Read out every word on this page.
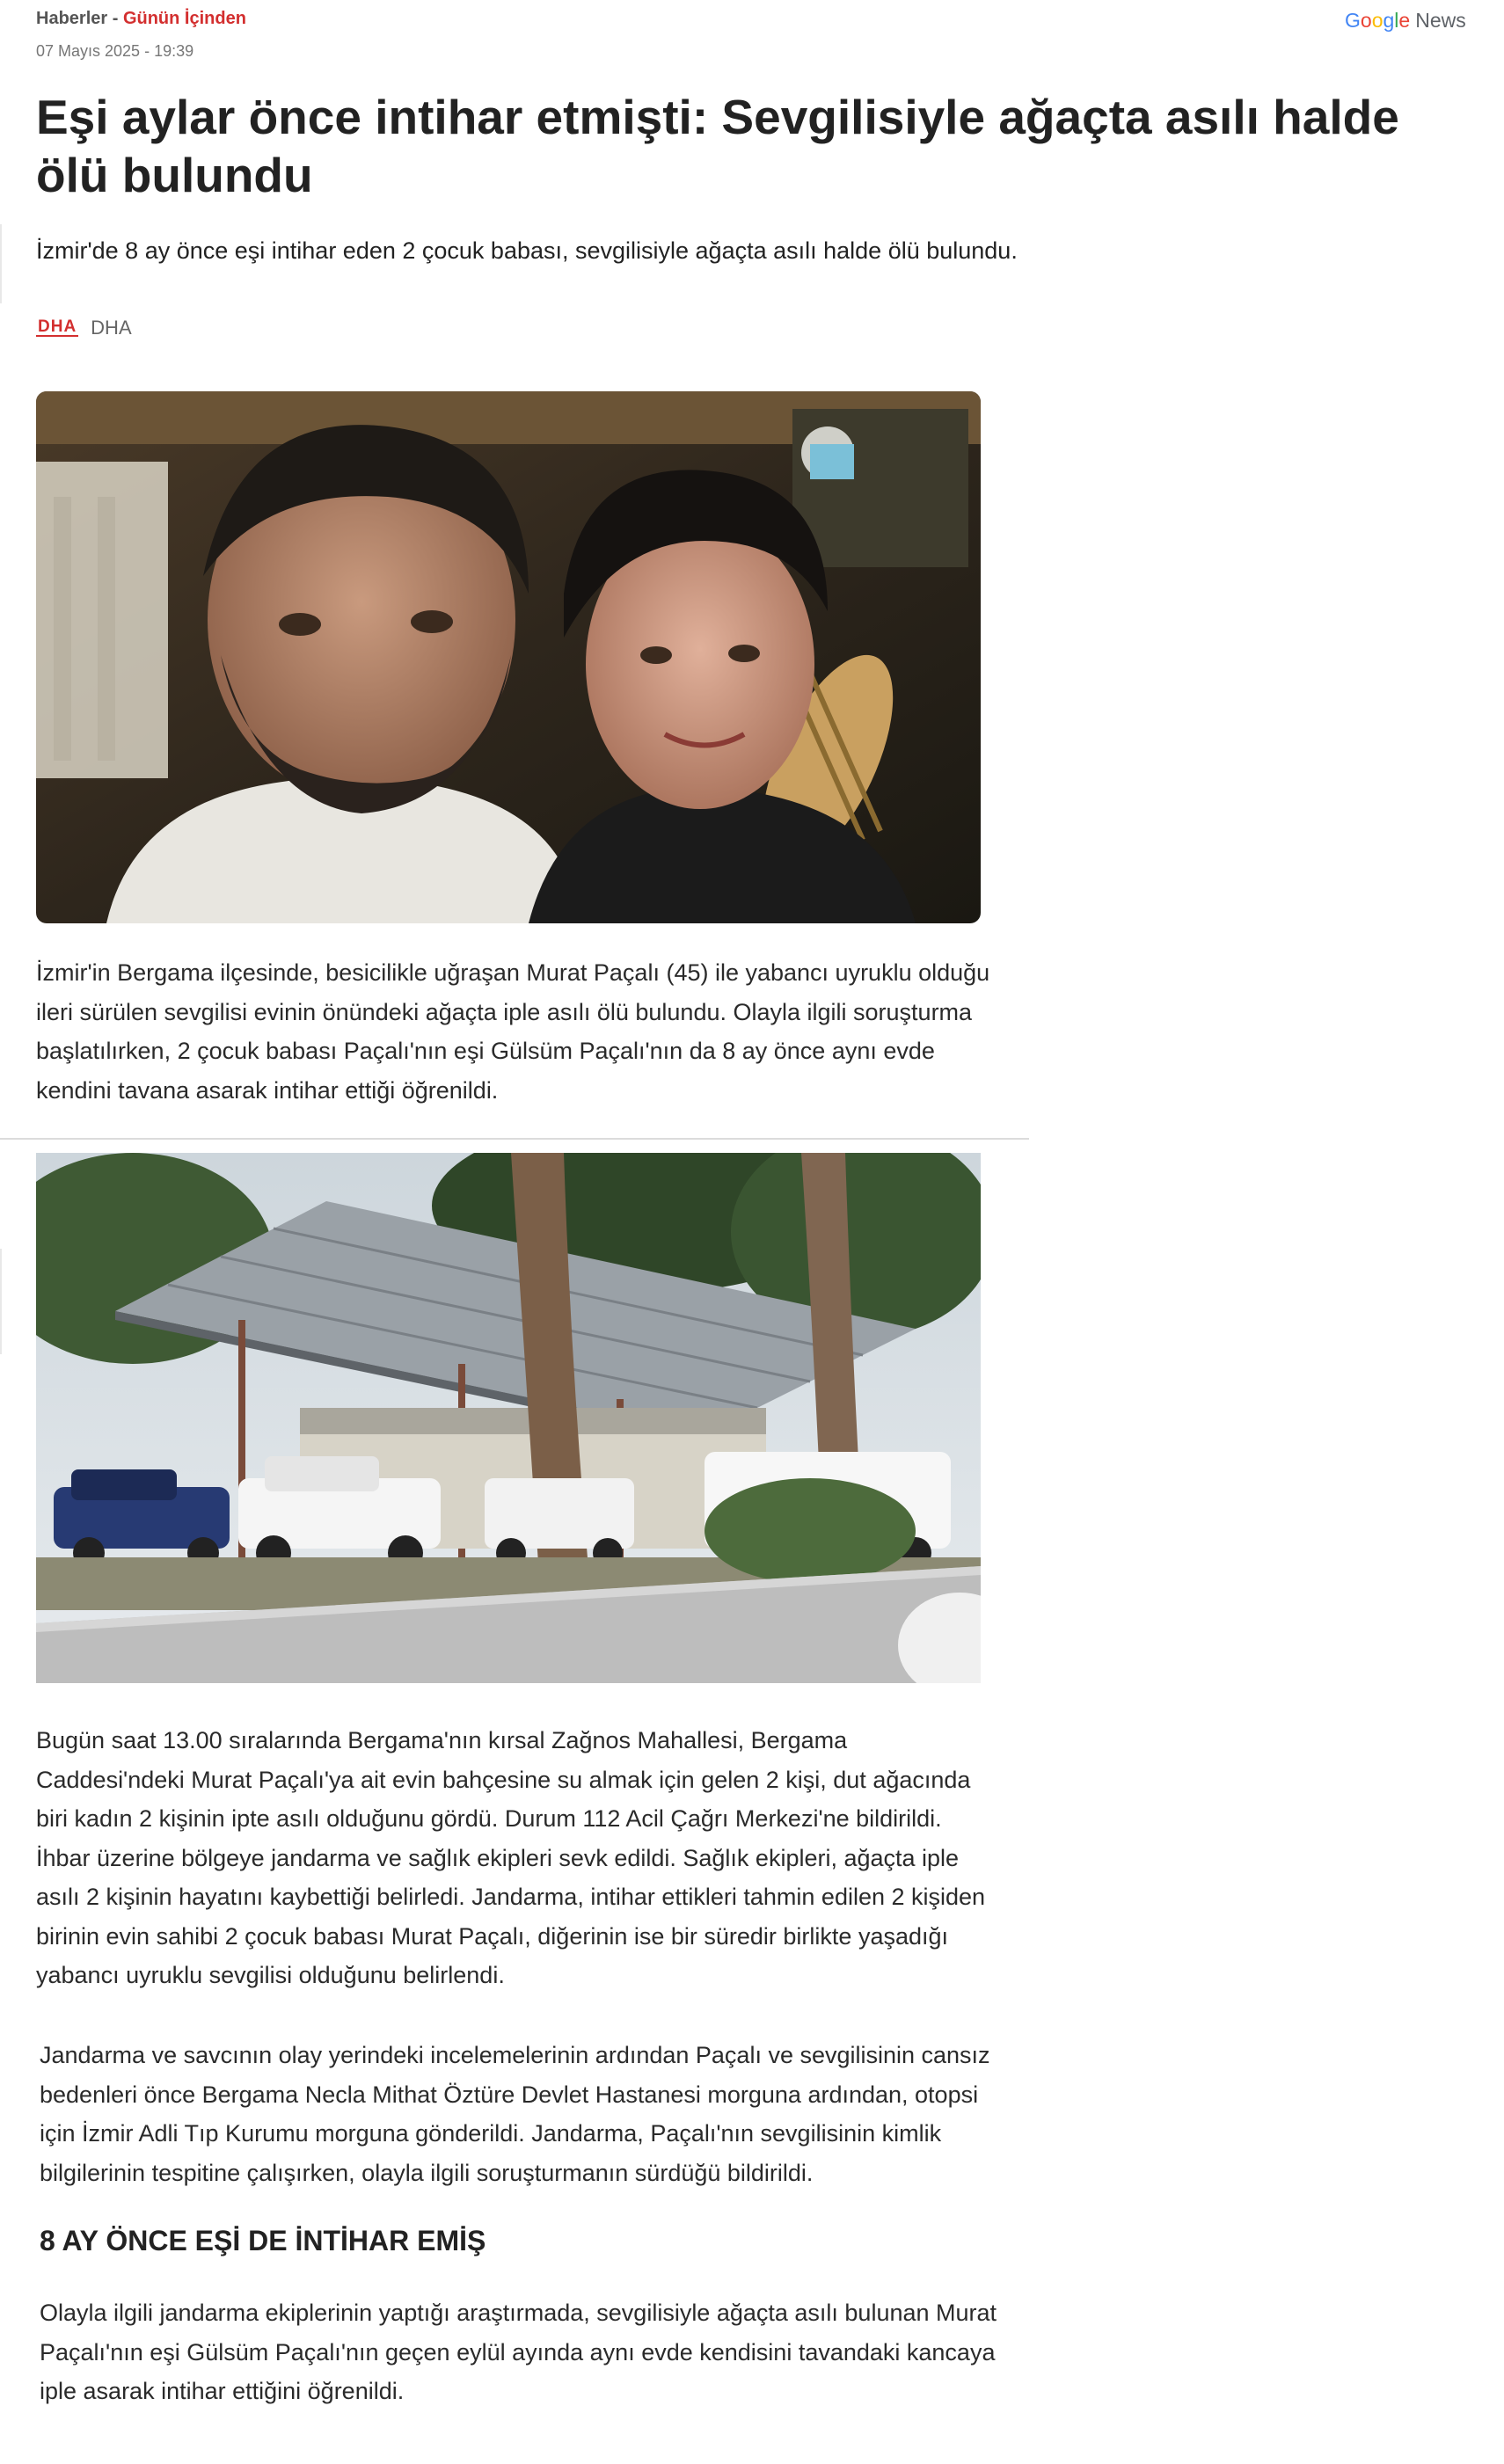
Haberler - Günün İçinden	Google News
07 Mayıs 2025 - 19:39
Eşi aylar önce intihar etmişti: Sevgilisiyle ağaçta asılı halde ölü bulundu

İzmir'de 8 ay önce eşi intihar eden 2 çocuk babası, sevgilisiyle ağaçta asılı halde ölü bulundu.

DHA DHA

İzmir'in Bergama ilçesinde, besicilikle uğraşan Murat Paçalı (45) ile yabancı uyruklu olduğu ileri sürülen sevgilisi evinin önündeki ağaçta iple asılı ölü bulundu. Olayla ilgili soruşturma başlatılırken, 2 çocuk babası Paçalı'nın eşi Gülsüm Paçalı'nın da 8 ay önce aynı evde kendini tavana asarak intihar ettiği öğrenildi.

Bugün saat 13.00 sıralarında Bergama'nın kırsal Zağnos Mahallesi, Bergama Caddesi'ndeki Murat Paçalı'ya ait evin bahçesine su almak için gelen 2 kişi, dut ağacında biri kadın 2 kişinin ipte asılı olduğunu gördü. Durum 112 Acil Çağrı Merkezi'ne bildirildi. İhbar üzerine bölgeye jandarma ve sağlık ekipleri sevk edildi. Sağlık ekipleri, ağaçta iple asılı 2 kişinin hayatını kaybettiği belirledi. Jandarma, intihar ettikleri tahmin edilen 2 kişiden birinin evin sahibi 2 çocuk babası Murat Paçalı, diğerinin ise bir süredir birlikte yaşadığı yabancı uyruklu sevgilisi olduğunu belirlendi.

Jandarma ve savcının olay yerindeki incelemelerinin ardından Paçalı ve sevgilisinin cansız bedenleri önce Bergama Necla Mithat Öztüre Devlet Hastanesi morguna ardından, otopsi için İzmir Adli Tıp Kurumu morguna gönderildi. Jandarma, Paçalı'nın sevgilisinin kimlik bilgilerinin tespitine çalışırken, olayla ilgili soruşturmanın sürdüğü bildirildi.

8 AY ÖNCE EŞİ DE İNTİHAR EMİŞ

Olayla ilgili jandarma ekiplerinin yaptığı araştırmada, sevgilisiyle ağaçta asılı bulunan Murat Paçalı'nın eşi Gülsüm Paçalı'nın geçen eylül ayında aynı evde kendisini tavandaki kancaya iple asarak intihar ettiğini öğrenildi.
